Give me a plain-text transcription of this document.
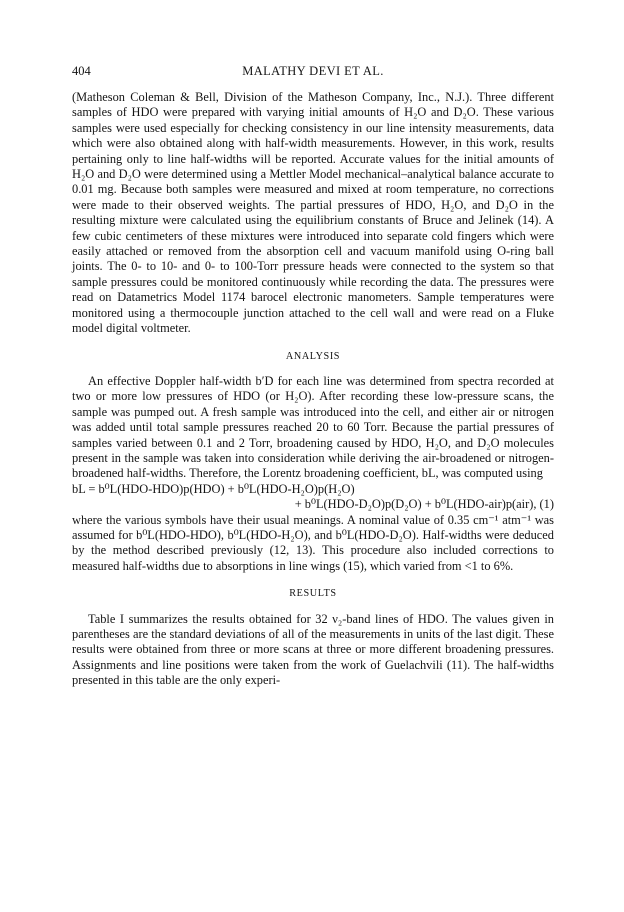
404	MALATHY DEVI ET AL.

(Matheson Coleman & Bell, Division of the Matheson Company, Inc., N.J.). Three different samples of HDO were prepared with varying initial amounts of H₂O and D₂O. These various samples were used especially for checking consistency in our line intensity measurements, data which were also obtained along with half-width measurements. However, in this work, results pertaining only to line half-widths will be reported. Accurate values for the initial amounts of H₂O and D₂O were determined using a Mettler Model mechanical–analytical balance accurate to 0.01 mg. Because both samples were measured and mixed at room temperature, no corrections were made to their observed weights. The partial pressures of HDO, H₂O, and D₂O in the resulting mixture were calculated using the equilibrium constants of Bruce and Jelinek (14). A few cubic centimeters of these mixtures were introduced into separate cold fingers which were easily attached or removed from the absorption cell and vacuum manifold using O-ring ball joints. The 0- to 10- and 0- to 100-Torr pressure heads were connected to the system so that sample pressures could be monitored continuously while recording the data. The pressures were read on Datametrics Model 1174 barocel electronic manometers. Sample temperatures were monitored using a thermocouple junction attached to the cell wall and were read on a Fluke model digital voltmeter.

ANALYSIS

An effective Doppler half-width b′D for each line was determined from spectra recorded at two or more low pressures of HDO (or H₂O). After recording these low-pressure scans, the sample was pumped out. A fresh sample was introduced into the cell, and either air or nitrogen was added until total sample pressures reached 20 to 60 Torr. Because the partial pressures of samples varied between 0.1 and 2 Torr, broadening caused by HDO, H₂O, and D₂O molecules present in the sample was taken into consideration while deriving the air-broadened or nitrogen-broadened half-widths. Therefore, the Lorentz broadening coefficient, bL, was computed using

bL = b⁰L(HDO-HDO)p(HDO) + b⁰L(HDO-H₂O)p(H₂O)

+ b⁰L(HDO-D₂O)p(D₂O) + b⁰L(HDO-air)p(air), (1)

where the various symbols have their usual meanings. A nominal value of 0.35 cm⁻¹ atm⁻¹ was assumed for b⁰L(HDO-HDO), b⁰L(HDO-H₂O), and b⁰L(HDO-D₂O). Half-widths were deduced by the method described previously (12, 13). This procedure also included corrections to measured half-widths due to absorptions in line wings (15), which varied from <1 to 6%.

RESULTS

Table I summarizes the results obtained for 32 ν₂-band lines of HDO. The values given in parentheses are the standard deviations of all of the measurements in units of the last digit. These results were obtained from three or more scans at three or more different broadening pressures. Assignments and line positions were taken from the work of Guelachvili (11). The half-widths presented in this table are the only experi-
